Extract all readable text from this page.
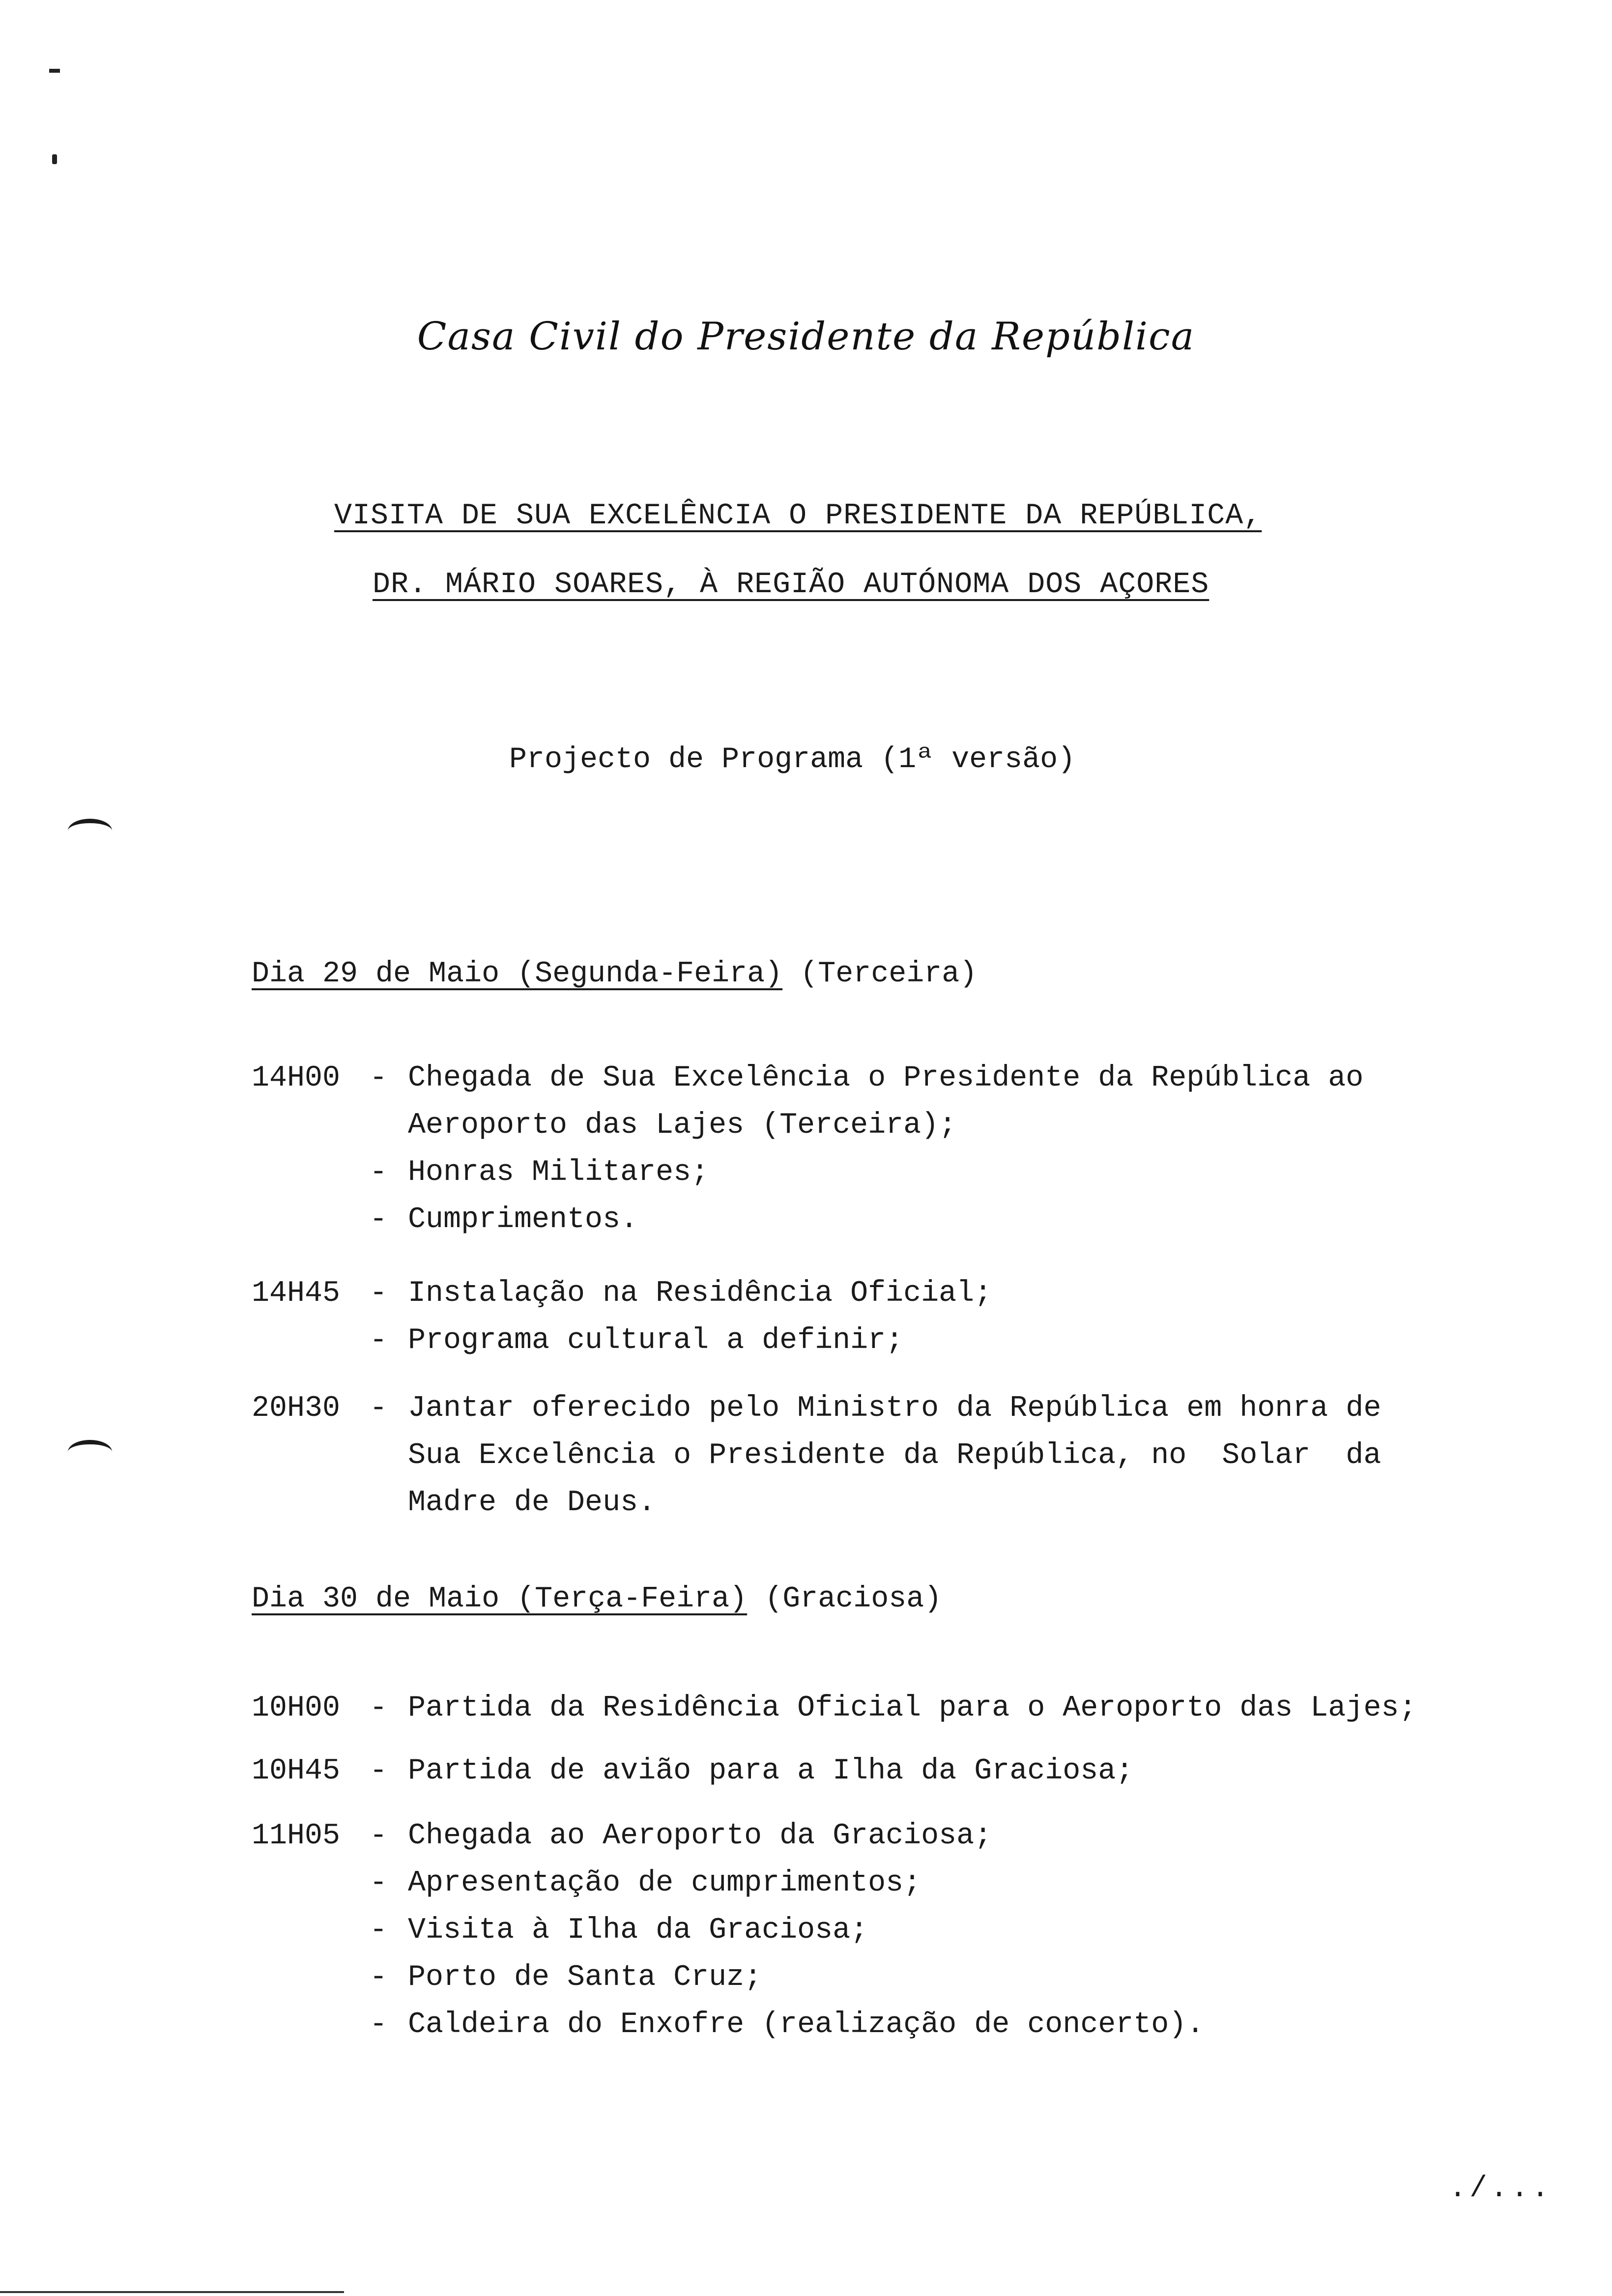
Casa Civil do Presidente da República
VISITA DE SUA EXCELÊNCIA O PRESIDENTE DA REPÚBLICA,
DR. MÁRIO SOARES, À REGIÃO AUTÓNOMA DOS AÇORES
Projecto de Programa (1ª versão)
Dia 29 de Maio (Segunda-Feira) (Terceira)
14H00 - Chegada de Sua Excelência o Presidente da República ao
Aeroporto das Lajes (Terceira);
- Honras Militares;
- Cumprimentos.
14H45 - Instalação na Residência Oficial;
- Programa cultural a definir;
20H30 - Jantar oferecido pelo Ministro da República em honra de
Sua Excelência o Presidente da República, no  Solar  da
Madre de Deus.
Dia 30 de Maio (Terça-Feira) (Graciosa)
10H00 - Partida da Residência Oficial para o Aeroporto das Lajes;
10H45 - Partida de avião para a Ilha da Graciosa;
11H05 - Chegada ao Aeroporto da Graciosa;
- Apresentação de cumprimentos;
- Visita à Ilha da Graciosa;
- Porto de Santa Cruz;
- Caldeira do Enxofre (realização de concerto).
./...
